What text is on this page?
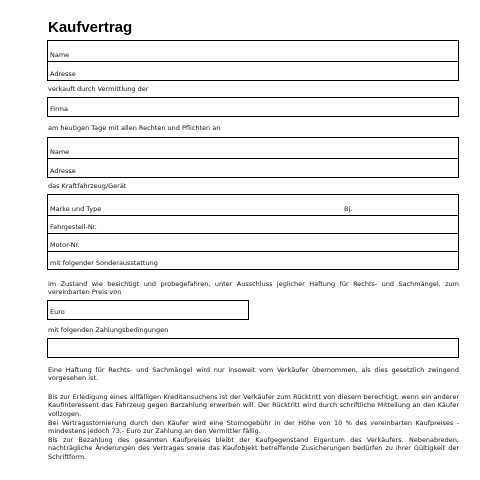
Kaufvertrag
Name
Adresse
verkauft durch Vermittlung der
Firma
am heutigen Tage mit allen Rechten und Pflichten an
Name
Adresse
das Kraftfahrzeug/Gerät
Marke und Type	Bj.
Fahrgestell-Nr.
Motor-Nr.
mit folgender Sonderausstattung
im Zustand wie besichtigt und probegefahren, unter Ausschluss jeglicher Haftung für Rechts- und Sachmängel, zum vereinbarten Preis von
Euro
mit folgenden Zahlungsbedingungen
Eine Haftung für Rechts- und Sachmängel wird nur insoweit vom Verkäufer übernommen, als dies gesetzlich zwingend vorgesehen ist.
Bis zur Erledigung eines allfälligen Kreditansuchens ist der Verkäufer zum Rücktritt von diesem berechtigt, wenn ein anderer Kaufinteressent das Fahrzeug gegen Barzahlung erwerben will. Der Rücktritt wird durch schriftliche Mitteilung an den Käufer vollzogen.
Bei Vertragsstornierung durch den Käufer wird eine Stornogebühr in der Höhe von 10 % des vereinbarten Kaufpreises - mindestens jedoch 73,- Euro zur Zahlung an den Vermittler fällig.
Bis zur Bezahlung des gesamten Kaufpreises bleibt der Kaufgegenstand Eigentum des Verkäufers. Nebenabreden, nachträgliche Änderungen des Vertrages sowie das Kaufobjekt betreffende Zusicherungen bedürfen zu ihrer Gültigkeit der Schriftform.
